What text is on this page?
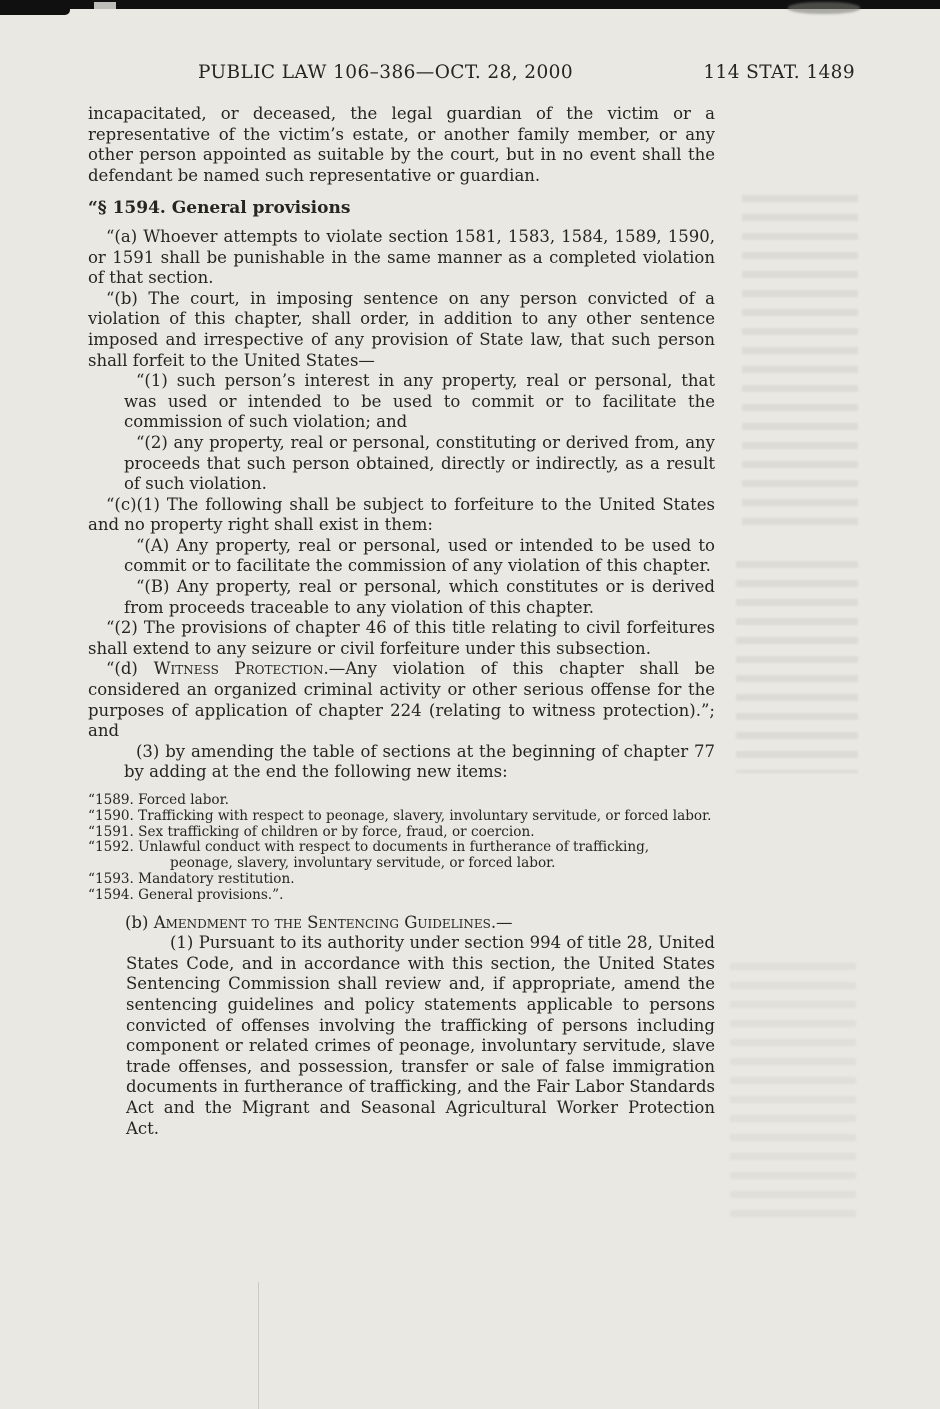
PUBLIC LAW 106–386—OCT. 28, 2000	114 STAT. 1489

incapacitated, or deceased, the legal guardian of the victim or a representative of the victim’s estate, or another family member, or any other person appointed as suitable by the court, but in no event shall the defendant be named such representative or guardian.

“§ 1594. General provisions

“(a) Whoever attempts to violate section 1581, 1583, 1584, 1589, 1590, or 1591 shall be punishable in the same manner as a completed violation of that section.

“(b) The court, in imposing sentence on any person convicted of a violation of this chapter, shall order, in addition to any other sentence imposed and irrespective of any provision of State law, that such person shall forfeit to the United States—

“(1) such person’s interest in any property, real or personal, that was used or intended to be used to commit or to facilitate the commission of such violation; and

“(2) any property, real or personal, constituting or derived from, any proceeds that such person obtained, directly or indirectly, as a result of such violation.

“(c)(1) The following shall be subject to forfeiture to the United States and no property right shall exist in them:

“(A) Any property, real or personal, used or intended to be used to commit or to facilitate the commission of any violation of this chapter.

“(B) Any property, real or personal, which constitutes or is derived from proceeds traceable to any violation of this chapter.

“(2) The provisions of chapter 46 of this title relating to civil forfeitures shall extend to any seizure or civil forfeiture under this subsection.

“(d) Witness Protection.—Any violation of this chapter shall be considered an organized criminal activity or other serious offense for the purposes of application of chapter 224 (relating to witness protection).”; and

(3) by amending the table of sections at the beginning of chapter 77 by adding at the end the following new items:

“1589. Forced labor.

“1590. Trafficking with respect to peonage, slavery, involuntary servitude, or forced labor.

“1591. Sex trafficking of children or by force, fraud, or coercion.

“1592. Unlawful conduct with respect to documents in furtherance of trafficking, peonage, slavery, involuntary servitude, or forced labor.

“1593. Mandatory restitution.

“1594. General provisions.”.

(b) Amendment to the Sentencing Guidelines.—

(1) Pursuant to its authority under section 994 of title 28, United States Code, and in accordance with this section, the United States Sentencing Commission shall review and, if appropriate, amend the sentencing guidelines and policy statements applicable to persons convicted of offenses involving the trafficking of persons including component or related crimes of peonage, involuntary servitude, slave trade offenses, and possession, transfer or sale of false immigration documents in furtherance of trafficking, and the Fair Labor Standards Act and the Migrant and Seasonal Agricultural Worker Protection Act.
